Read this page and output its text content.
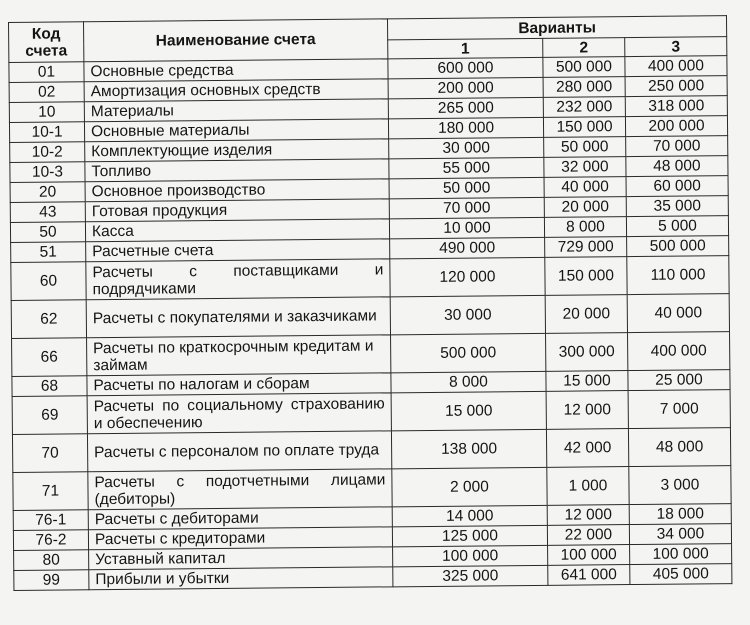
Код счета	Наименование счета	Варианты		
		1	2	3
01	Основные средства	600 000	500 000	400 000
02	Амортизация основных средств	200 000	280 000	250 000
10	Материалы	265 000	232 000	318 000
10-1	Основные материалы	180 000	150 000	200 000
10-2	Комплектующие изделия	30 000	50 000	70 000
10-3	Топливо	55 000	32 000	48 000
20	Основное производство	50 000	40 000	60 000
43	Готовая продукция	70 000	20 000	35 000
50	Касса	10 000	8 000	5 000
51	Расчетные счета	490 000	729 000	500 000
60	Расчеты с поставщиками и подрядчиками	120 000	150 000	110 000
62	Расчеты с покупателями и заказчиками	30 000	20 000	40 000
66	Расчеты по краткосрочным кредитам и займам	500 000	300 000	400 000
68	Расчеты по налогам и сборам	8 000	15 000	25 000
69	Расчеты по социальному страхованию и обеспечению	15 000	12 000	7 000
70	Расчеты с персоналом по оплате труда	138 000	42 000	48 000
71	Расчеты с подотчетными лицами (дебиторы)	2 000	1 000	3 000
76-1	Расчеты с дебиторами	14 000	12 000	18 000
76-2	Расчеты с кредиторами	125 000	22 000	34 000
80	Уставный капитал	100 000	100 000	100 000
99	Прибыли и убытки	325 000	641 000	405 000
